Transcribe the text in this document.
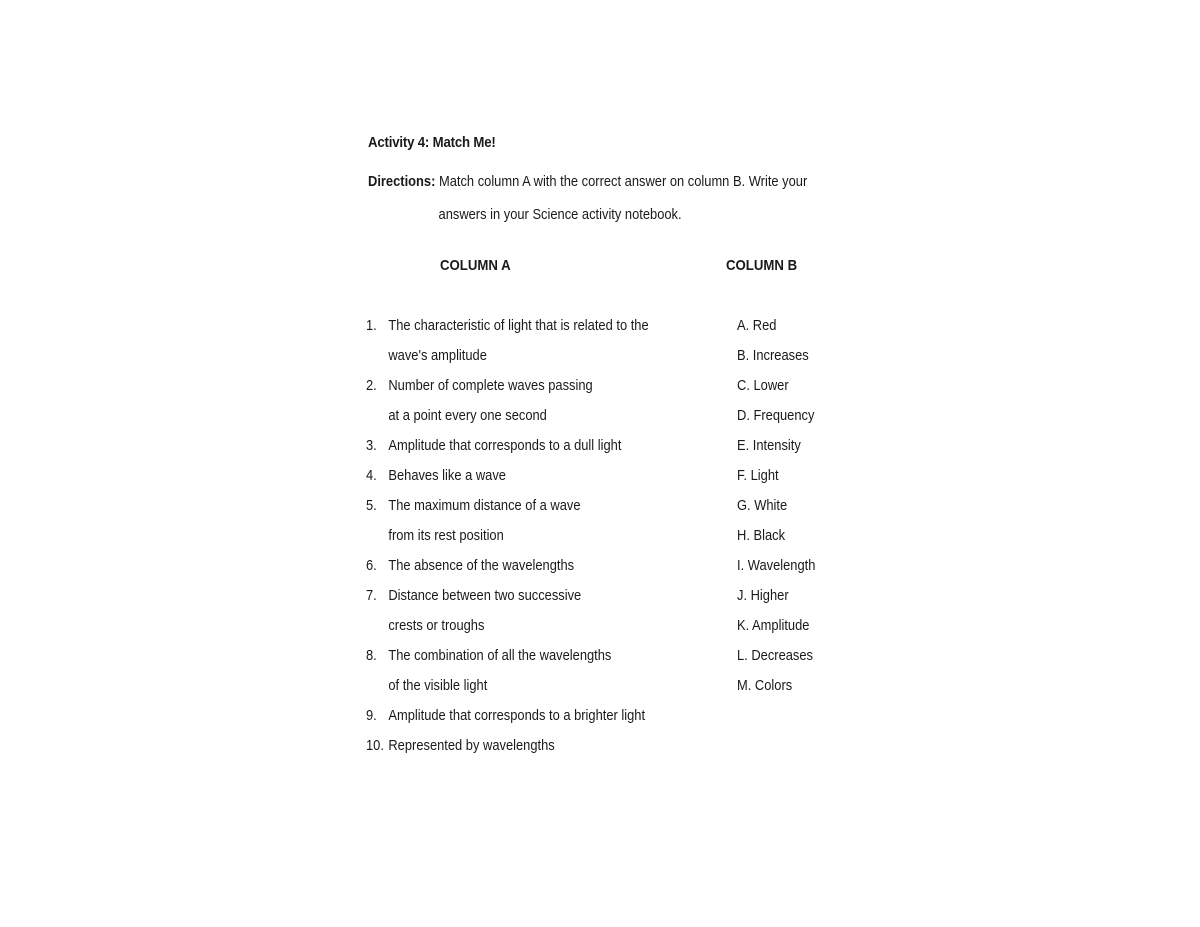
Activity 4: Match Me!
Directions: Match column A with the correct answer on column B. Write your
answers in your Science activity notebook.
COLUMN A	COLUMN B
1. The characteristic of light that is related to the
wave's amplitude
2. Number of complete waves passing
at a point every one second
3. Amplitude that corresponds to a dull light
4. Behaves like a wave
5. The maximum distance of a wave
from its rest position
6. The absence of the wavelengths
7. Distance between two successive
crests or troughs
8. The combination of all the wavelengths
of the visible light
9. Amplitude that corresponds to a brighter light
10. Represented by wavelengths
A. Red
B. Increases
C. Lower
D. Frequency
E. Intensity
F. Light
G. White
H. Black
I. Wavelength
J. Higher
K. Amplitude
L. Decreases
M. Colors
